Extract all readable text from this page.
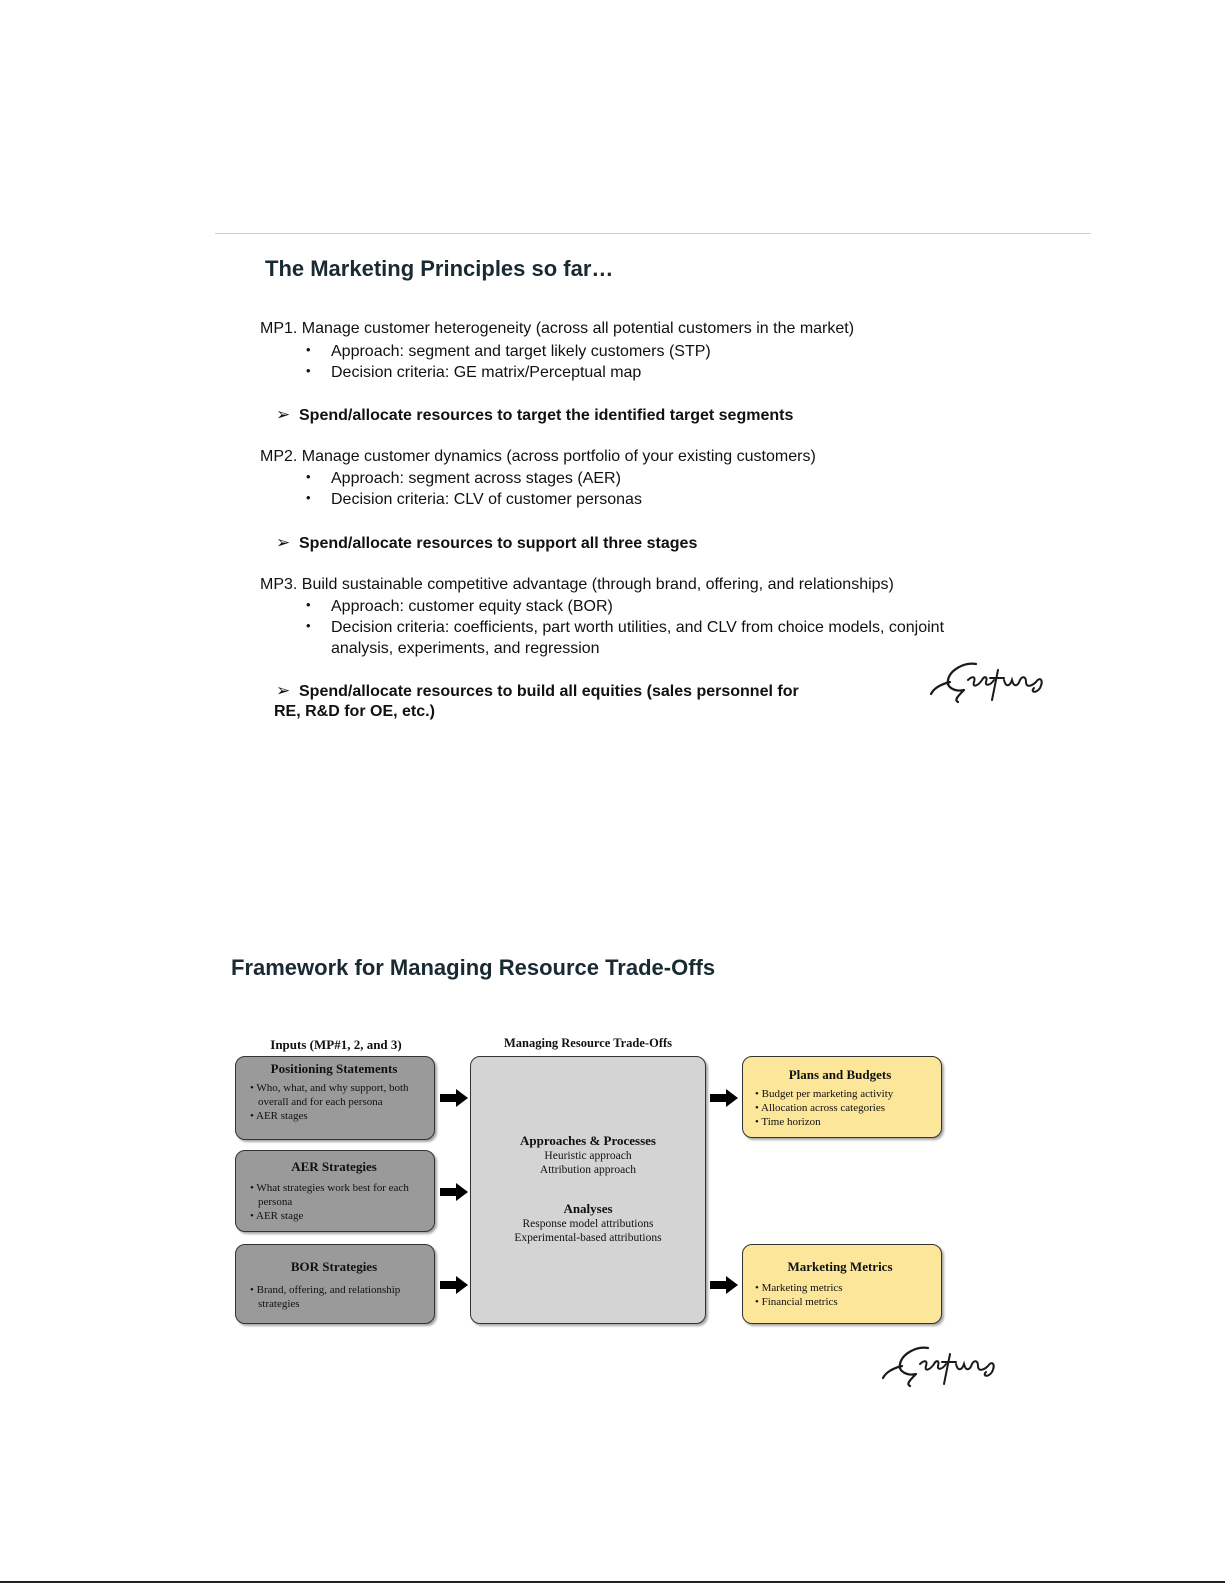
The Marketing Principles so far…
MP1. Manage customer heterogeneity (across all potential customers in the market)
• Approach: segment and target likely customers (STP)
• Decision criteria: GE matrix/Perceptual map
➢ Spend/allocate resources to target the identified target segments
MP2. Manage customer dynamics (across portfolio of your existing customers)
• Approach: segment across stages (AER)
• Decision criteria: CLV of customer personas
➢ Spend/allocate resources to support all three stages
MP3. Build sustainable competitive advantage (through brand, offering, and relationships)
• Approach: customer equity stack (BOR)
• Decision criteria: coefficients, part worth utilities, and CLV from choice models, conjoint
analysis, experiments, and regression
➢ Spend/allocate resources to build all equities (sales personnel for
RE, R&D for OE, etc.)
Framework for Managing Resource Trade-Offs
Inputs (MP#1, 2, and 3)	Managing Resource Trade-Offs
Positioning Statements
• Who, what, and why support, both overall and for each persona
• AER stages
AER Strategies
• What strategies work best for each persona
• AER stage
BOR Strategies
• Brand, offering, and relationship strategies
Approaches & Processes
Heuristic approach
Attribution approach
Analyses
Response model attributions
Experimental-based attributions
Plans and Budgets
• Budget per marketing activity
• Allocation across categories
• Time horizon
Marketing Metrics
• Marketing metrics
• Financial metrics
